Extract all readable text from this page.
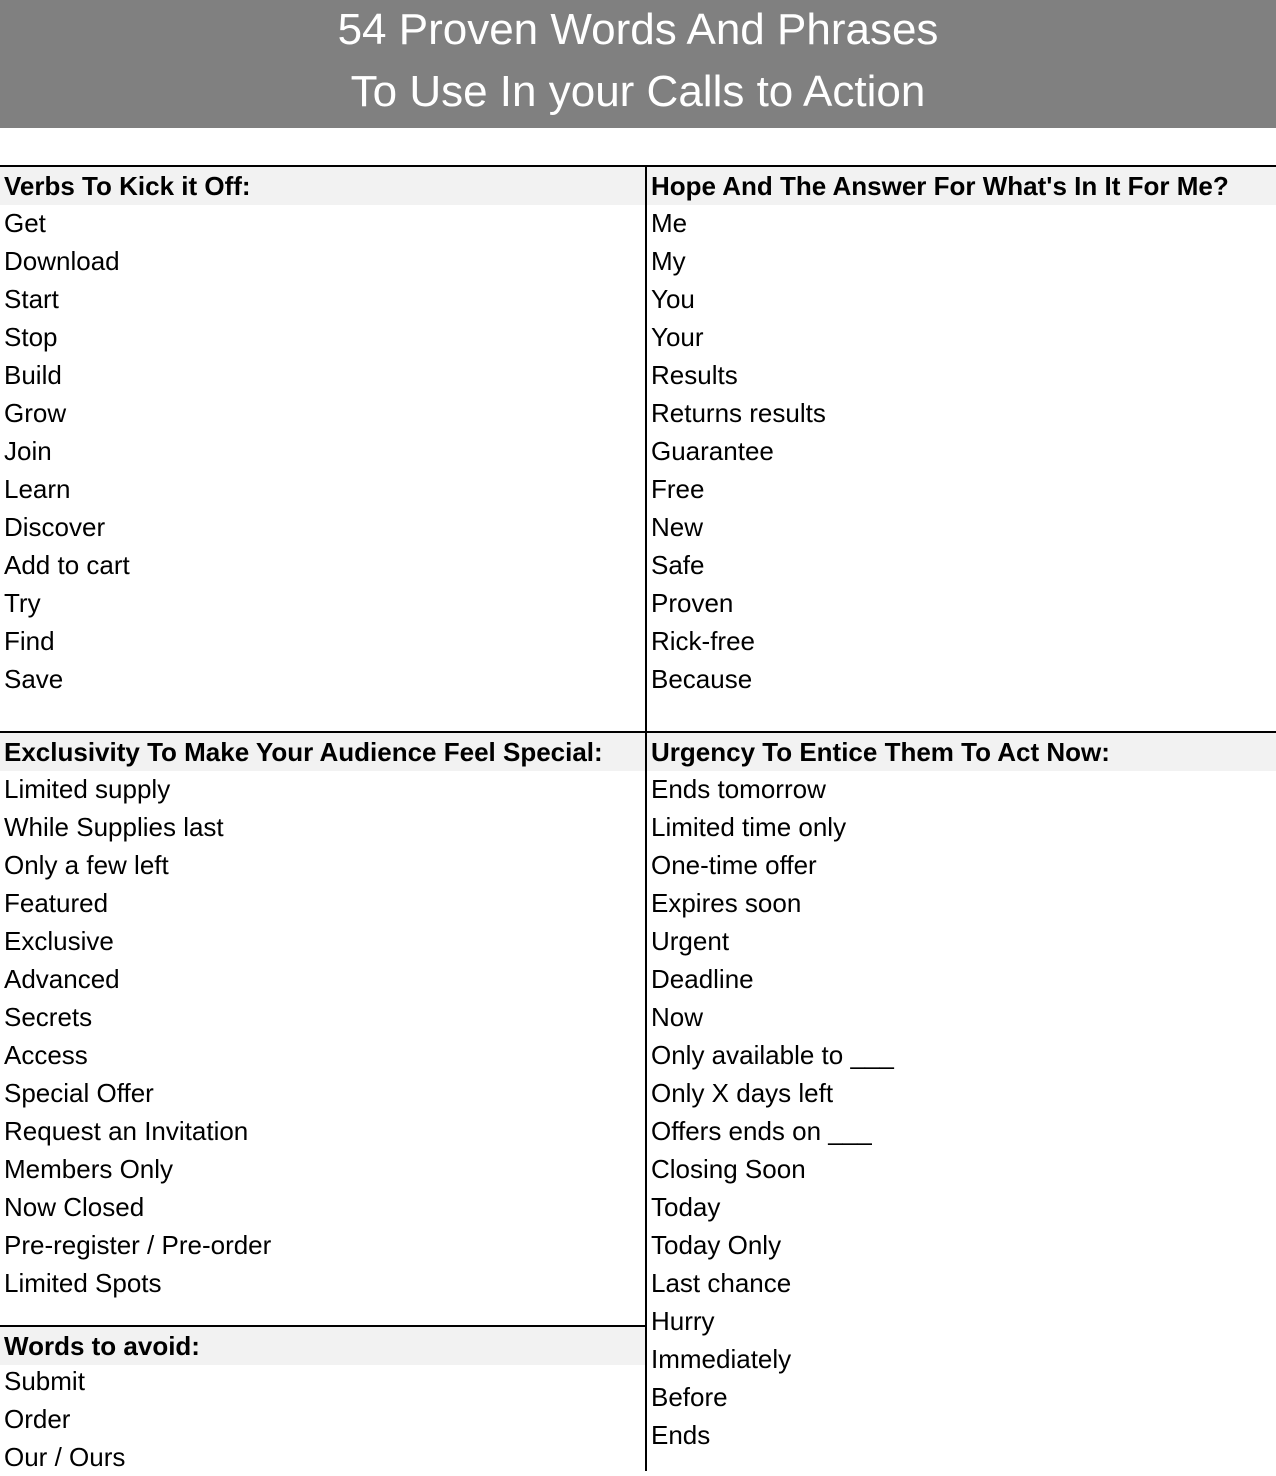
54 Proven Words And Phrases
To Use In your Calls to Action
Verbs To Kick it Off:
Get
Download
Start
Stop
Build
Grow
Join
Learn
Discover
Add to cart
Try
Find
Save
Hope And The Answer For What's In It For Me?
Me
My
You
Your
Results
Returns results
Guarantee
Free
New
Safe
Proven
Rick-free
Because
Exclusivity To Make Your Audience Feel Special:
Limited supply
While Supplies last
Only a few left
Featured
Exclusive
Advanced
Secrets
Access
Special Offer
Request an Invitation
Members Only
Now Closed
Pre-register / Pre-order
Limited Spots
Urgency To Entice Them To Act Now:
Ends tomorrow
Limited time only
One-time offer
Expires soon
Urgent
Deadline
Now
Only available to ___
Only X days left
Offers ends on ___
Closing Soon
Today
Today Only
Last chance
Hurry
Immediately
Before
Ends
Words to avoid:
Submit
Order
Our / Ours
